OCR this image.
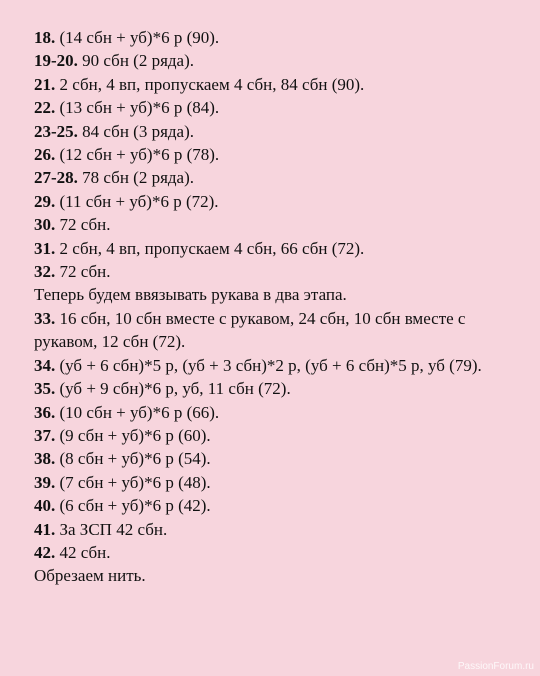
18. (14 сбн + уб)*6 р (90).
19-20. 90 сбн (2 ряда).
21. 2 сбн, 4 вп, пропускаем 4 сбн, 84 сбн (90).
22. (13 сбн + уб)*6 р (84).
23-25. 84 сбн (3 ряда).
26. (12 сбн + уб)*6 р (78).
27-28. 78 сбн (2 ряда).
29. (11 сбн + уб)*6 р (72).
30. 72 сбн.
31. 2 сбн, 4 вп, пропускаем 4 сбн, 66 сбн (72).
32. 72 сбн.
Теперь будем ввязывать рукава в два этапа.
33. 16 сбн, 10 сбн вместе с рукавом, 24 сбн, 10 сбн вместе с рукавом, 12 сбн (72).
34. (уб + 6 сбн)*5 р, (уб + 3 сбн)*2 р, (уб + 6 сбн)*5 р, уб (79).
35. (уб + 9 сбн)*6 р, уб, 11 сбн (72).
36. (10 сбн + уб)*6 р (66).
37. (9 сбн + уб)*6 р (60).
38. (8 сбн + уб)*6 р (54).
39. (7 сбн + уб)*6 р (48).
40. (6 сбн + уб)*6 р (42).
41. За ЗСП 42 сбн.
42. 42 сбн.
Обрезаем нить.
PassionForum.ru
